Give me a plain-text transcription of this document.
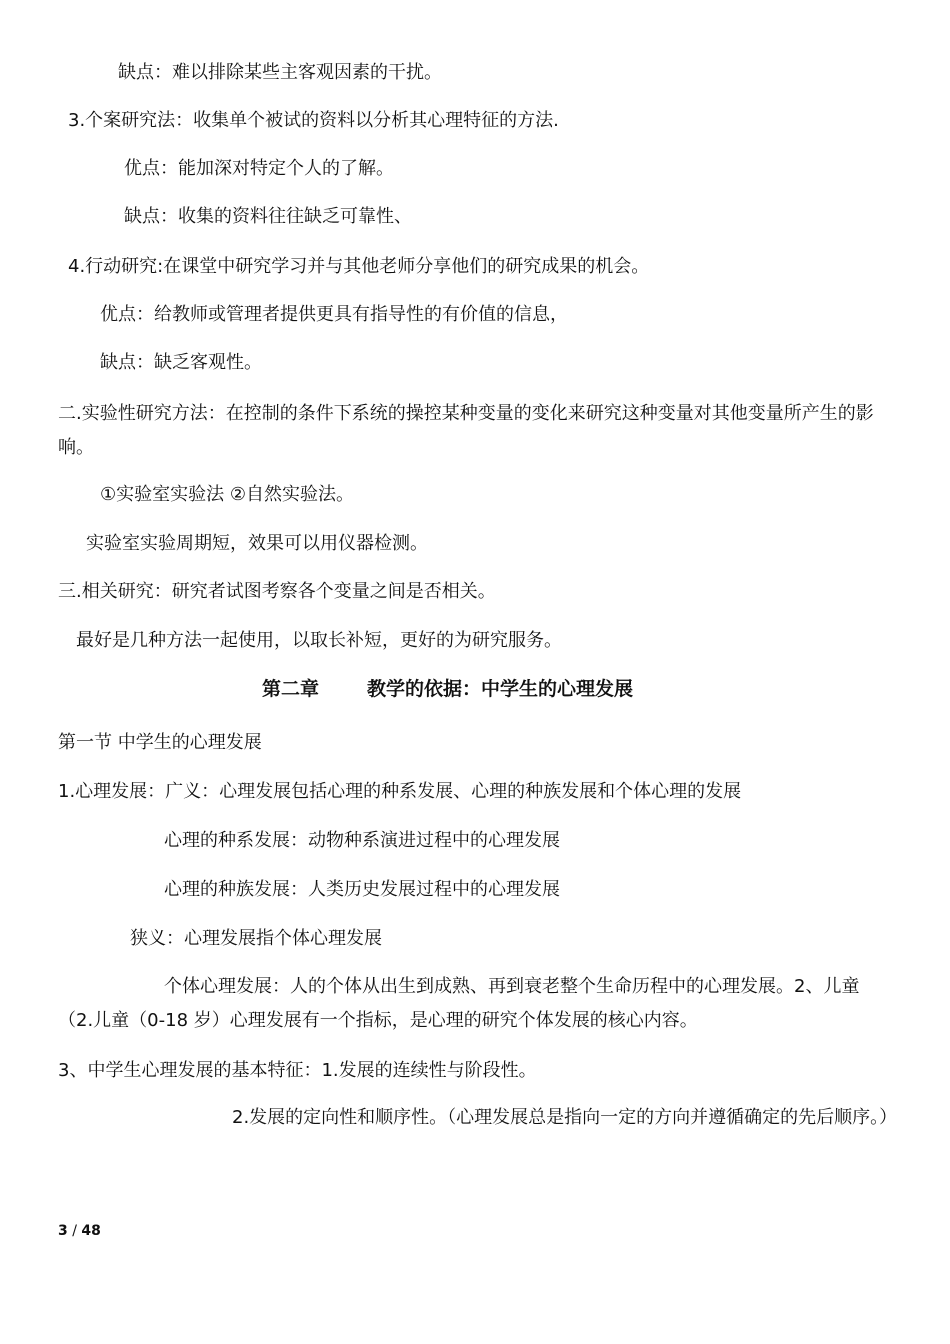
缺点：难以排除某些主客观因素的干扰。
3.个案研究法：收集单个被试的资料以分析其心理特征的方法.
优点：能加深对特定个人的了解。
缺点：收集的资料往往缺乏可靠性、
4.行动研究:在课堂中研究学习并与其他老师分享他们的研究成果的机会。
优点：给教师或管理者提供更具有指导性的有价值的信息，
缺点：缺乏客观性。
二.实验性研究方法：在控制的条件下系统的操控某种变量的变化来研究这种变量对其他变量所产生的影响。
①实验室实验法 ②自然实验法。
实验室实验周期短，效果可以用仪器检测。
三.相关研究：研究者试图考察各个变量之间是否相关。
最好是几种方法一起使用，以取长补短，更好的为研究服务。
第二章	教学的依据：中学生的心理发展
第一节 中学生的心理发展
1.心理发展：广义：心理发展包括心理的种系发展、心理的种族发展和个体心理的发展
心理的种系发展：动物种系演进过程中的心理发展
心理的种族发展：人类历史发展过程中的心理发展
狭义：心理发展指个体心理发展
个体心理发展：人的个体从出生到成熟、再到衰老整个生命历程中的心理发展。2、儿童（2.儿童（0-18 岁）心理发展有一个指标，是心理的研究个体发展的核心内容。
3、中学生心理发展的基本特征：1.发展的连续性与阶段性。
2.发展的定向性和顺序性。（心理发展总是指向一定的方向并遵循确定的先后顺序。）
3 / 48
